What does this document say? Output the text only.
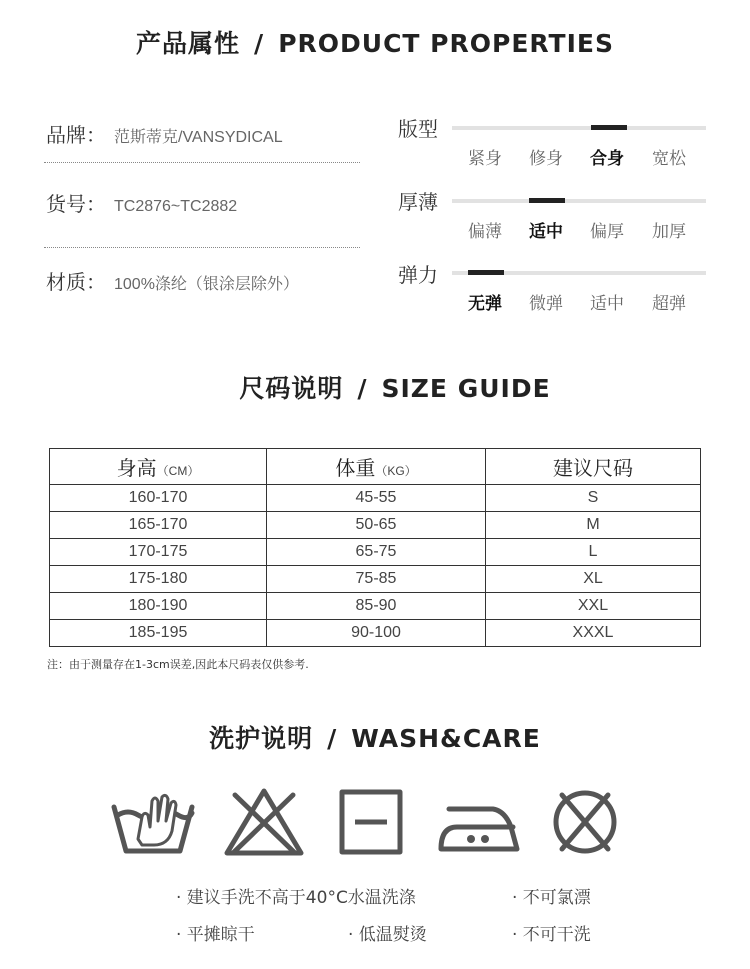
产品属性 / PRODUCT PROPERTIES
品牌： 范斯蒂克/VANSYDICAL
货号： TC2876~TC2882
材质： 100%涤纶（银涂层除外）
版型
紧身 修身 合身 宽松
厚薄
偏薄 适中 偏厚 加厚
弹力
无弹 微弹 适中 超弹
尺码说明 / SIZE GUIDE
身高（CM）	体重（KG）	建议尺码
160-170	45-55	S
165-170	50-65	M
170-175	65-75	L
175-180	75-85	XL
180-190	85-90	XXL
185-195	90-100	XXXL
注：由于测量存在1-3cm误差,因此本尺码表仅供参考.
洗护说明 / WASH&CARE
· 建议手洗不高于40°C水温洗涤	· 不可氯漂
· 平摊晾干	· 低温熨烫	· 不可干洗
